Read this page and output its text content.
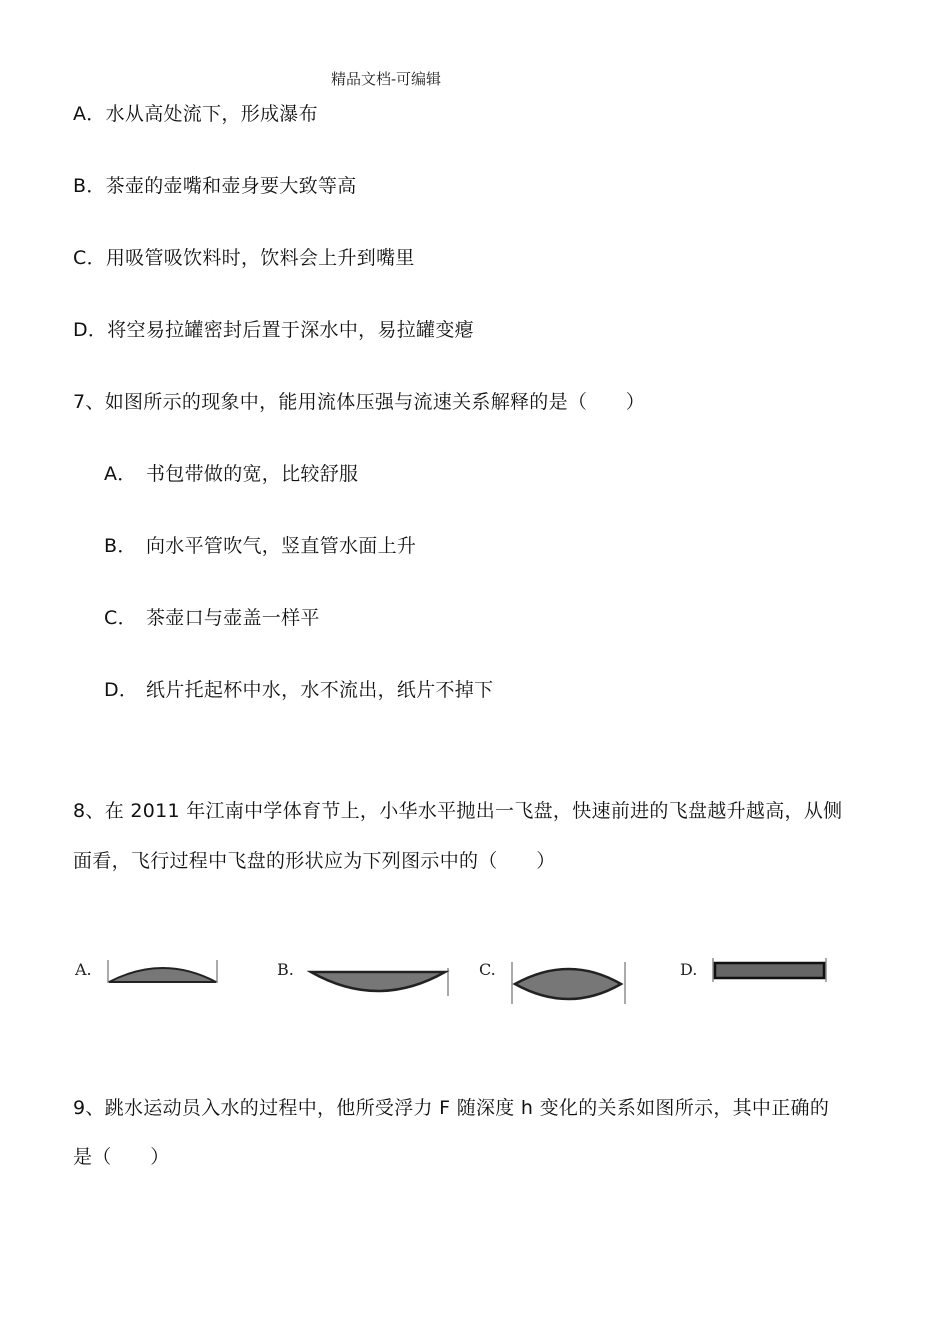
精品文档-可编辑
A．水从高处流下，形成瀑布
B．茶壶的壶嘴和壶身要大致等高
C．用吸管吸饮料时，饮料会上升到嘴里
D．将空易拉罐密封后置于深水中，易拉罐变瘪
7、如图所示的现象中，能用流体压强与流速关系解释的是（　　）
A． 书包带做的宽，比较舒服
B． 向水平管吹气，竖直管水面上升
C． 茶壶口与壶盖一样平
D． 纸片托起杯中水，水不流出，纸片不掉下
8、在 2011 年江南中学体育节上，小华水平抛出一飞盘，快速前进的飞盘越升越高，从侧
面看，飞行过程中飞盘的形状应为下列图示中的（　　）
A.	B.	C.	D.
9、跳水运动员入水的过程中，他所受浮力 F 随深度 h 变化的关系如图所示，其中正确的
是（　　）
